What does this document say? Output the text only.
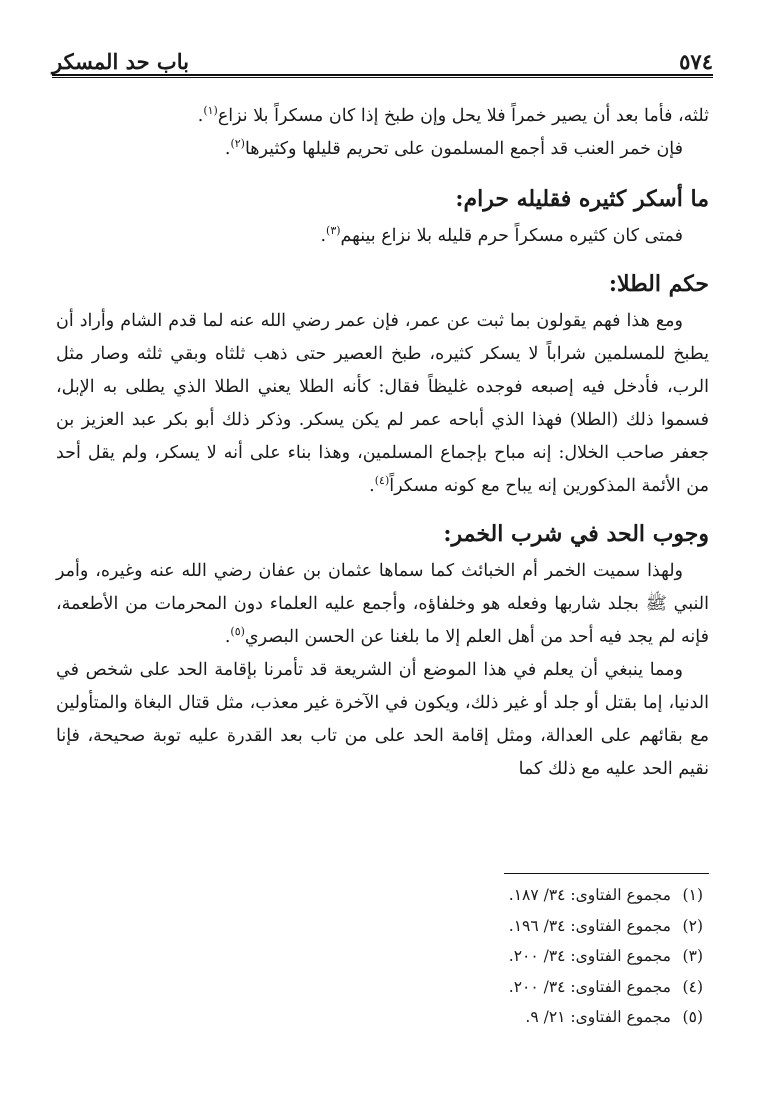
٥٧٤
باب حد المسكر

ثلثه، فأما بعد أن يصير خمراً فلا يحل وإن طبخ إذا كان مسكراً بلا نزاع$^{(١)}$.

فإن خمر العنب قد أجمع المسلمون على تحريم قليلها وكثيرها$^{(٢)}$.

ما أسكر كثيره فقليله حرام:

فمتى كان كثيره مسكراً حرم قليله بلا نزاع بينهم$^{(٣)}$.

حكم الطلا:

ومع هذا فهم يقولون بما ثبت عن عمر، فإن عمر رضي الله عنه لما قدم الشام وأراد أن يطبخ للمسلمين شراباً لا يسكر كثيره، طبخ العصير حتى ذهب ثلثاه وبقي ثلثه وصار مثل الرب، فأدخل فيه إصبعه فوجده غليظاً فقال: كأنه الطلا يعني الطلا الذي يطلى به الإبل، فسموا ذلك (الطلا) فهذا الذي أباحه عمر لم يكن يسكر. وذكر ذلك أبو بكر عبد العزيز بن جعفر صاحب الخلال: إنه مباح بإجماع المسلمين، وهذا بناء على أنه لا يسكر، ولم يقل أحد من الأئمة المذكورين إنه يباح مع كونه مسكراً$^{(٤)}$.

وجوب الحد في شرب الخمر:

ولهذا سميت الخمر أم الخبائث كما سماها عثمان بن عفان رضي الله عنه وغيره، وأمر النبي ﷺ بجلد شاربها وفعله هو وخلفاؤه، وأجمع عليه العلماء دون المحرمات من الأطعمة، فإنه لم يجد فيه أحد من أهل العلم إلا ما بلغنا عن الحسن البصري$^{(٥)}$.

ومما ينبغي أن يعلم في هذا الموضع أن الشريعة قد تأمرنا بإقامة الحد على شخص في الدنيا، إما بقتل أو جلد أو غير ذلك، ويكون في الآخرة غير معذب، مثل قتال البغاة والمتأولين مع بقائهم على العدالة، ومثل إقامة الحد على من تاب بعد القدرة عليه توبة صحيحة، فإنا نقيم الحد عليه مع ذلك كما

(١)
مجموع الفتاوى: ٣٤/ ١٨٧.
(٢)
مجموع الفتاوى: ٣٤/ ١٩٦.
(٣)
مجموع الفتاوى: ٣٤/ ٢٠٠.
(٤)
مجموع الفتاوى: ٣٤/ ٢٠٠.
(٥)
مجموع الفتاوى: ٢١/ ٩.
